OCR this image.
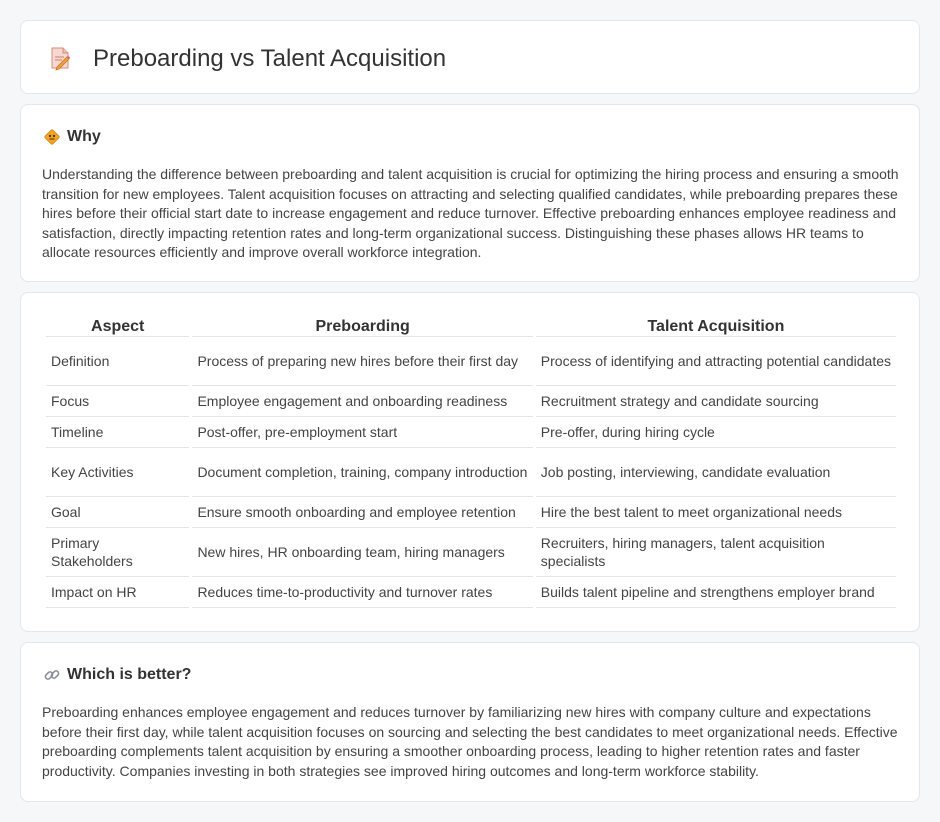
Preboarding vs Talent Acquisition
Why

Understanding the difference between preboarding and talent acquisition is crucial for optimizing the hiring process and ensuring a smooth transition for new employees. Talent acquisition focuses on attracting and selecting qualified candidates, while preboarding prepares these hires before their official start date to increase engagement and reduce turnover. Effective preboarding enhances employee readiness and satisfaction, directly impacting retention rates and long-term organizational success. Distinguishing these phases allows HR teams to allocate resources efficiently and improve overall workforce integration.

Aspect	Preboarding	Talent Acquisition
Definition	Process of preparing new hires before their first day	Process of identifying and attracting potential candidates
Focus	Employee engagement and onboarding readiness	Recruitment strategy and candidate sourcing
Timeline	Post-offer, pre-employment start	Pre-offer, during hiring cycle
Key Activities	Document completion, training, company introduction	Job posting, interviewing, candidate evaluation
Goal	Ensure smooth onboarding and employee retention	Hire the best talent to meet organizational needs
Primary Stakeholders	New hires, HR onboarding team, hiring managers	Recruiters, hiring managers, talent acquisition specialists
Impact on HR	Reduces time-to-productivity and turnover rates	Builds talent pipeline and strengthens employer brand
Which is better?

Preboarding enhances employee engagement and reduces turnover by familiarizing new hires with company culture and expectations before their first day, while talent acquisition focuses on sourcing and selecting the best candidates to meet organizational needs. Effective preboarding complements talent acquisition by ensuring a smoother onboarding process, leading to higher retention rates and faster productivity. Companies investing in both strategies see improved hiring outcomes and long-term workforce stability.
